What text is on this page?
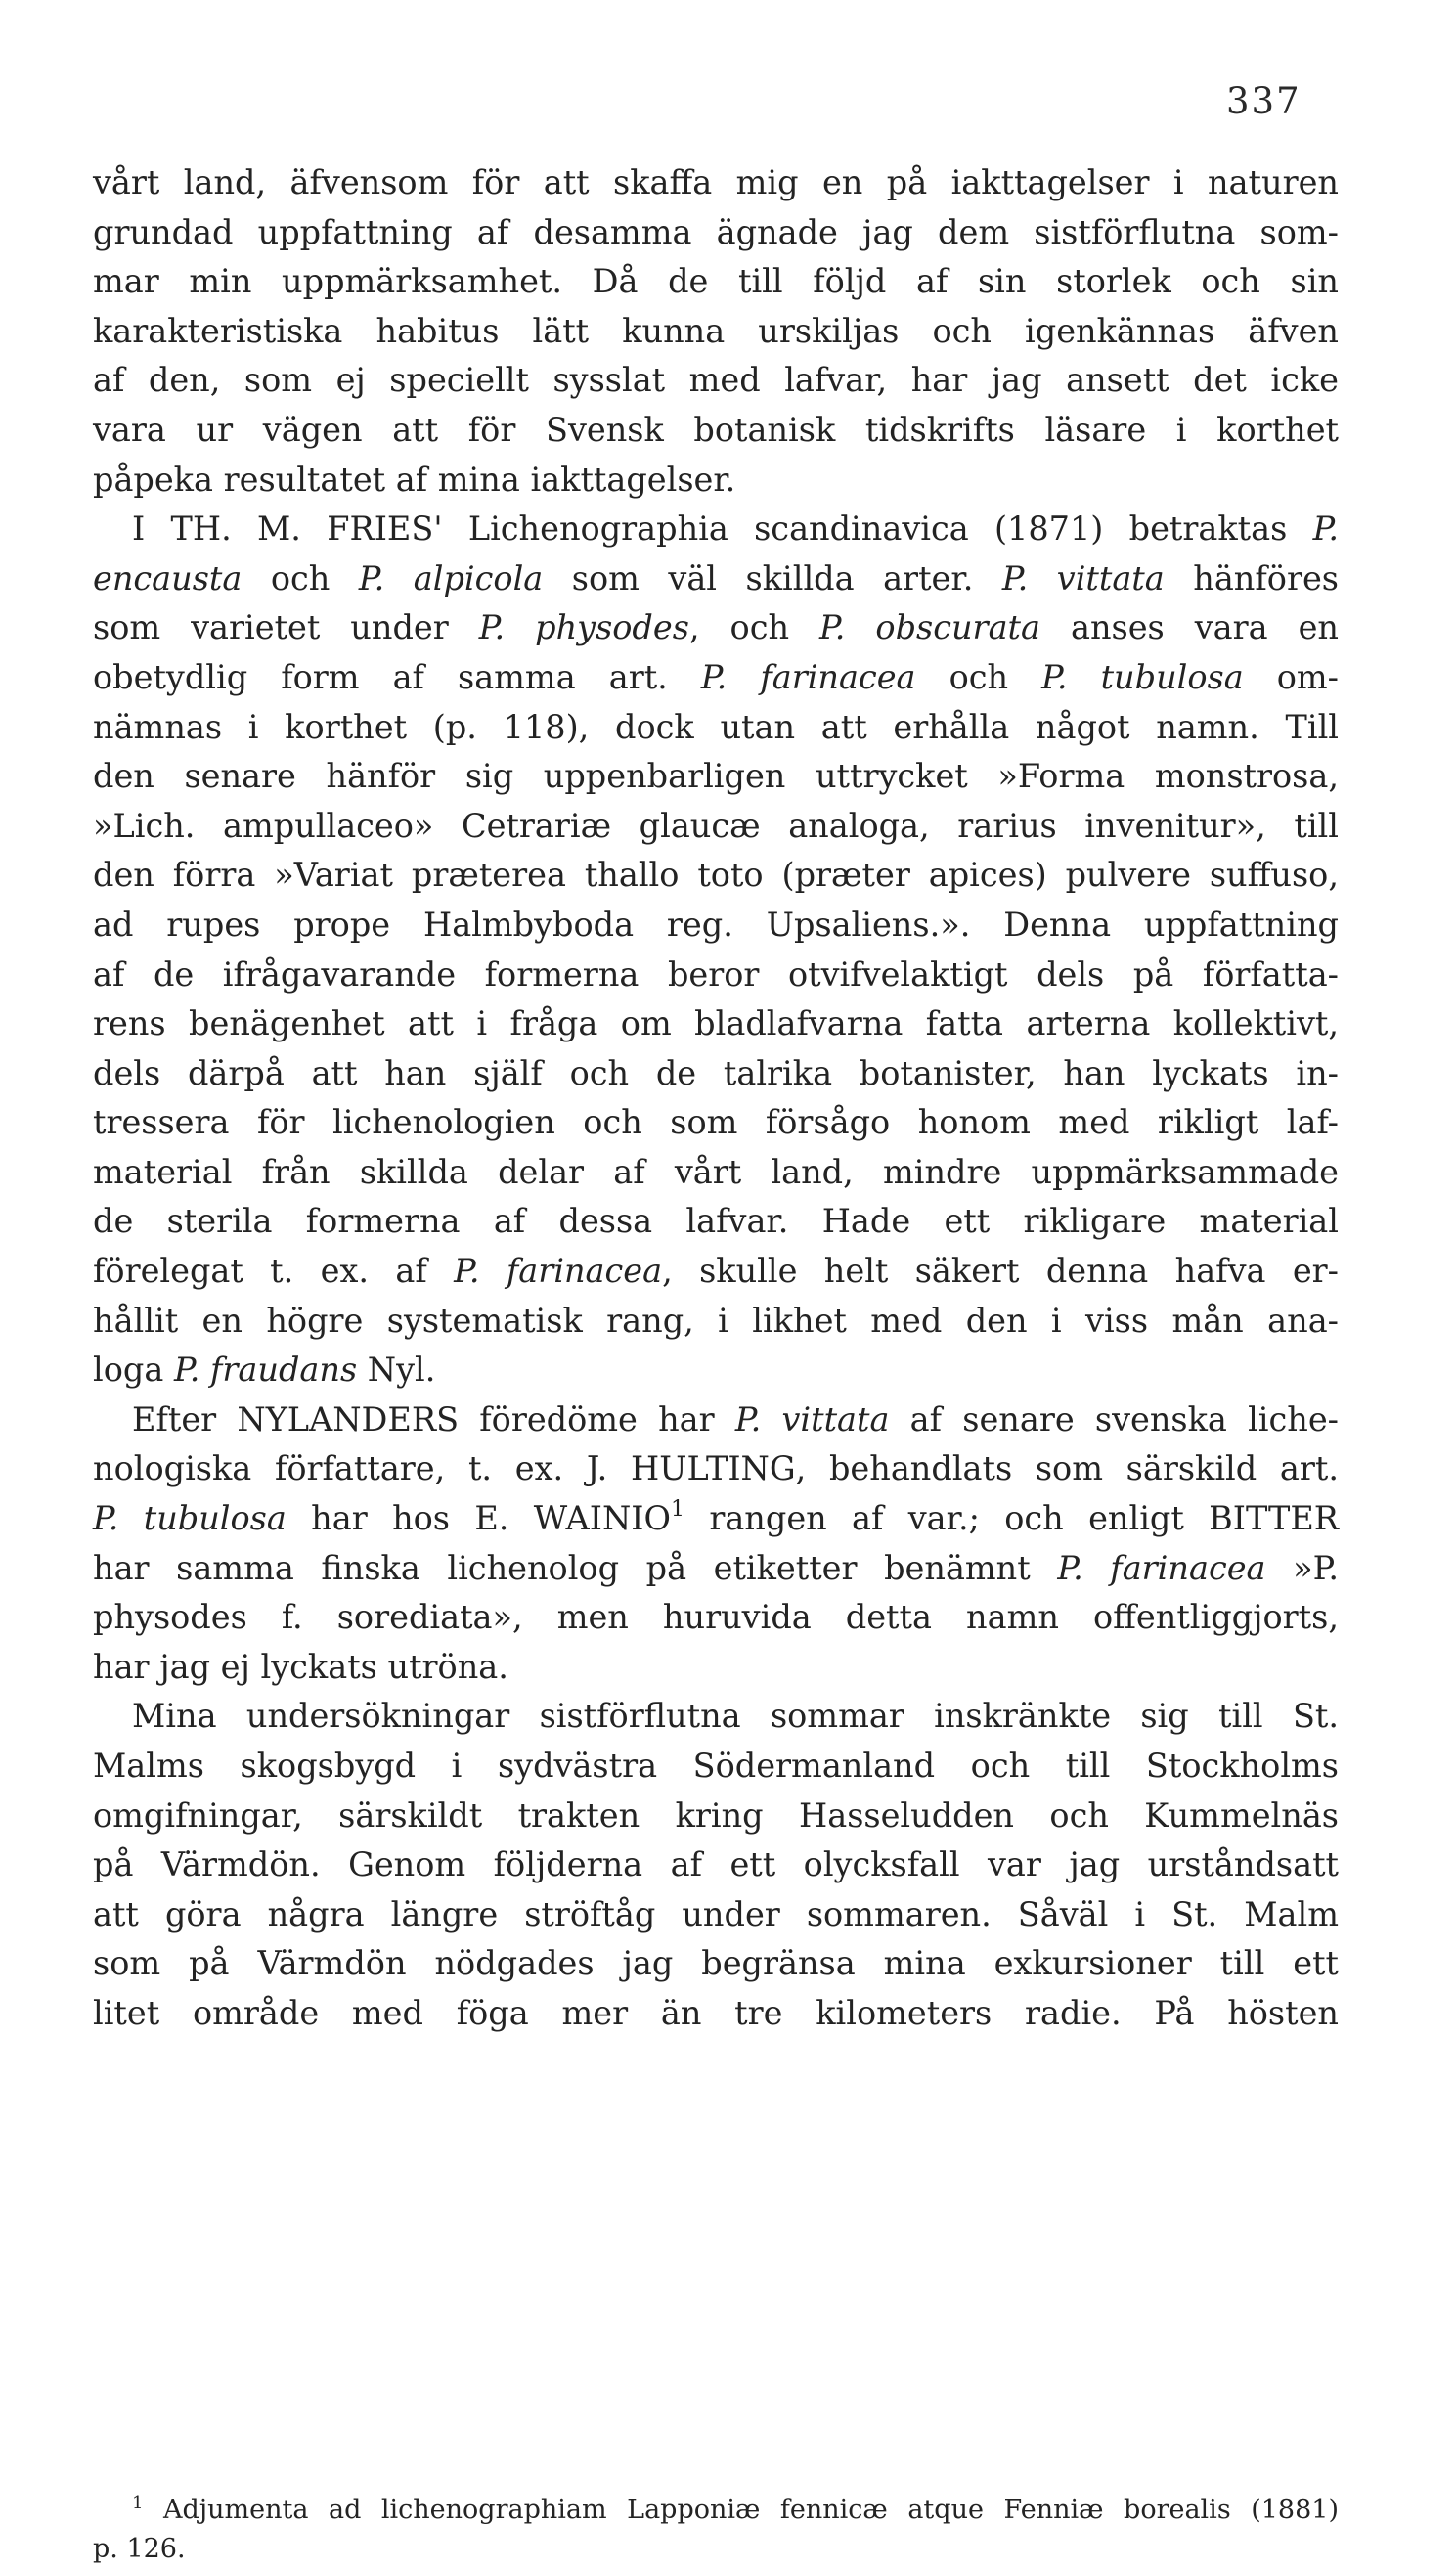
337
vårt land, äfvensom för att skaffa mig en på iakttagelser i naturen
grundad uppfattning af desamma ägnade jag dem sistförflutna som-
mar min uppmärksamhet. Då de till följd af sin storlek och sin
karakteristiska habitus lätt kunna urskiljas och igenkännas äfven
af den, som ej speciellt sysslat med lafvar, har jag ansett det icke
vara ur vägen att för Svensk botanisk tidskrifts läsare i korthet
påpeka resultatet af mina iakttagelser.
I TH. M. FRIES' Lichenographia scandinavica (1871) betraktas P.
encausta och P. alpicola som väl skillda arter. P. vittata hänföres
som varietet under P. physodes, och P. obscurata anses vara en
obetydlig form af samma art. P. farinacea och P. tubulosa om-
nämnas i korthet (p. 118), dock utan att erhålla något namn. Till
den senare hänför sig uppenbarligen uttrycket »Forma monstrosa,
»Lich. ampullaceo» Cetrariæ glaucæ analoga, rarius invenitur», till
den förra »Variat præterea thallo toto (præter apices) pulvere suffuso,
ad rupes prope Halmbyboda reg. Upsaliens.». Denna uppfattning
af de ifrågavarande formerna beror otvifvelaktigt dels på författa-
rens benägenhet att i fråga om bladlafvarna fatta arterna kollektivt,
dels därpå att han själf och de talrika botanister, han lyckats in-
tressera för lichenologien och som försågo honom med rikligt laf-
material från skillda delar af vårt land, mindre uppmärksammade
de sterila formerna af dessa lafvar. Hade ett rikligare material
förelegat t. ex. af P. farinacea, skulle helt säkert denna hafva er-
hållit en högre systematisk rang, i likhet med den i viss mån ana-
loga P. fraudans Nyl.
Efter NYLANDERS föredöme har P. vittata af senare svenska liche-
nologiska författare, t. ex. J. HULTING, behandlats som särskild art.
P. tubulosa har hos E. WAINIO$^1$ rangen af var.; och enligt BITTER
har samma finska lichenolog på etiketter benämnt P. farinacea »P.
physodes f. sorediata», men huruvida detta namn offentliggjorts,
har jag ej lyckats utröna.
Mina undersökningar sistförflutna sommar inskränkte sig till St.
Malms skogsbygd i sydvästra Södermanland och till Stockholms
omgifningar, särskildt trakten kring Hasseludden och Kummelnäs
på Värmdön. Genom följderna af ett olycksfall var jag urståndsatt
att göra några längre ströftåg under sommaren. Såväl i St. Malm
som på Värmdön nödgades jag begränsa mina exkursioner till ett
litet område med föga mer än tre kilometers radie. På hösten
$^1$ Adjumenta ad lichenographiam Lapponiæ fennicæ atque Fenniæ borealis (1881)
p. 126.
